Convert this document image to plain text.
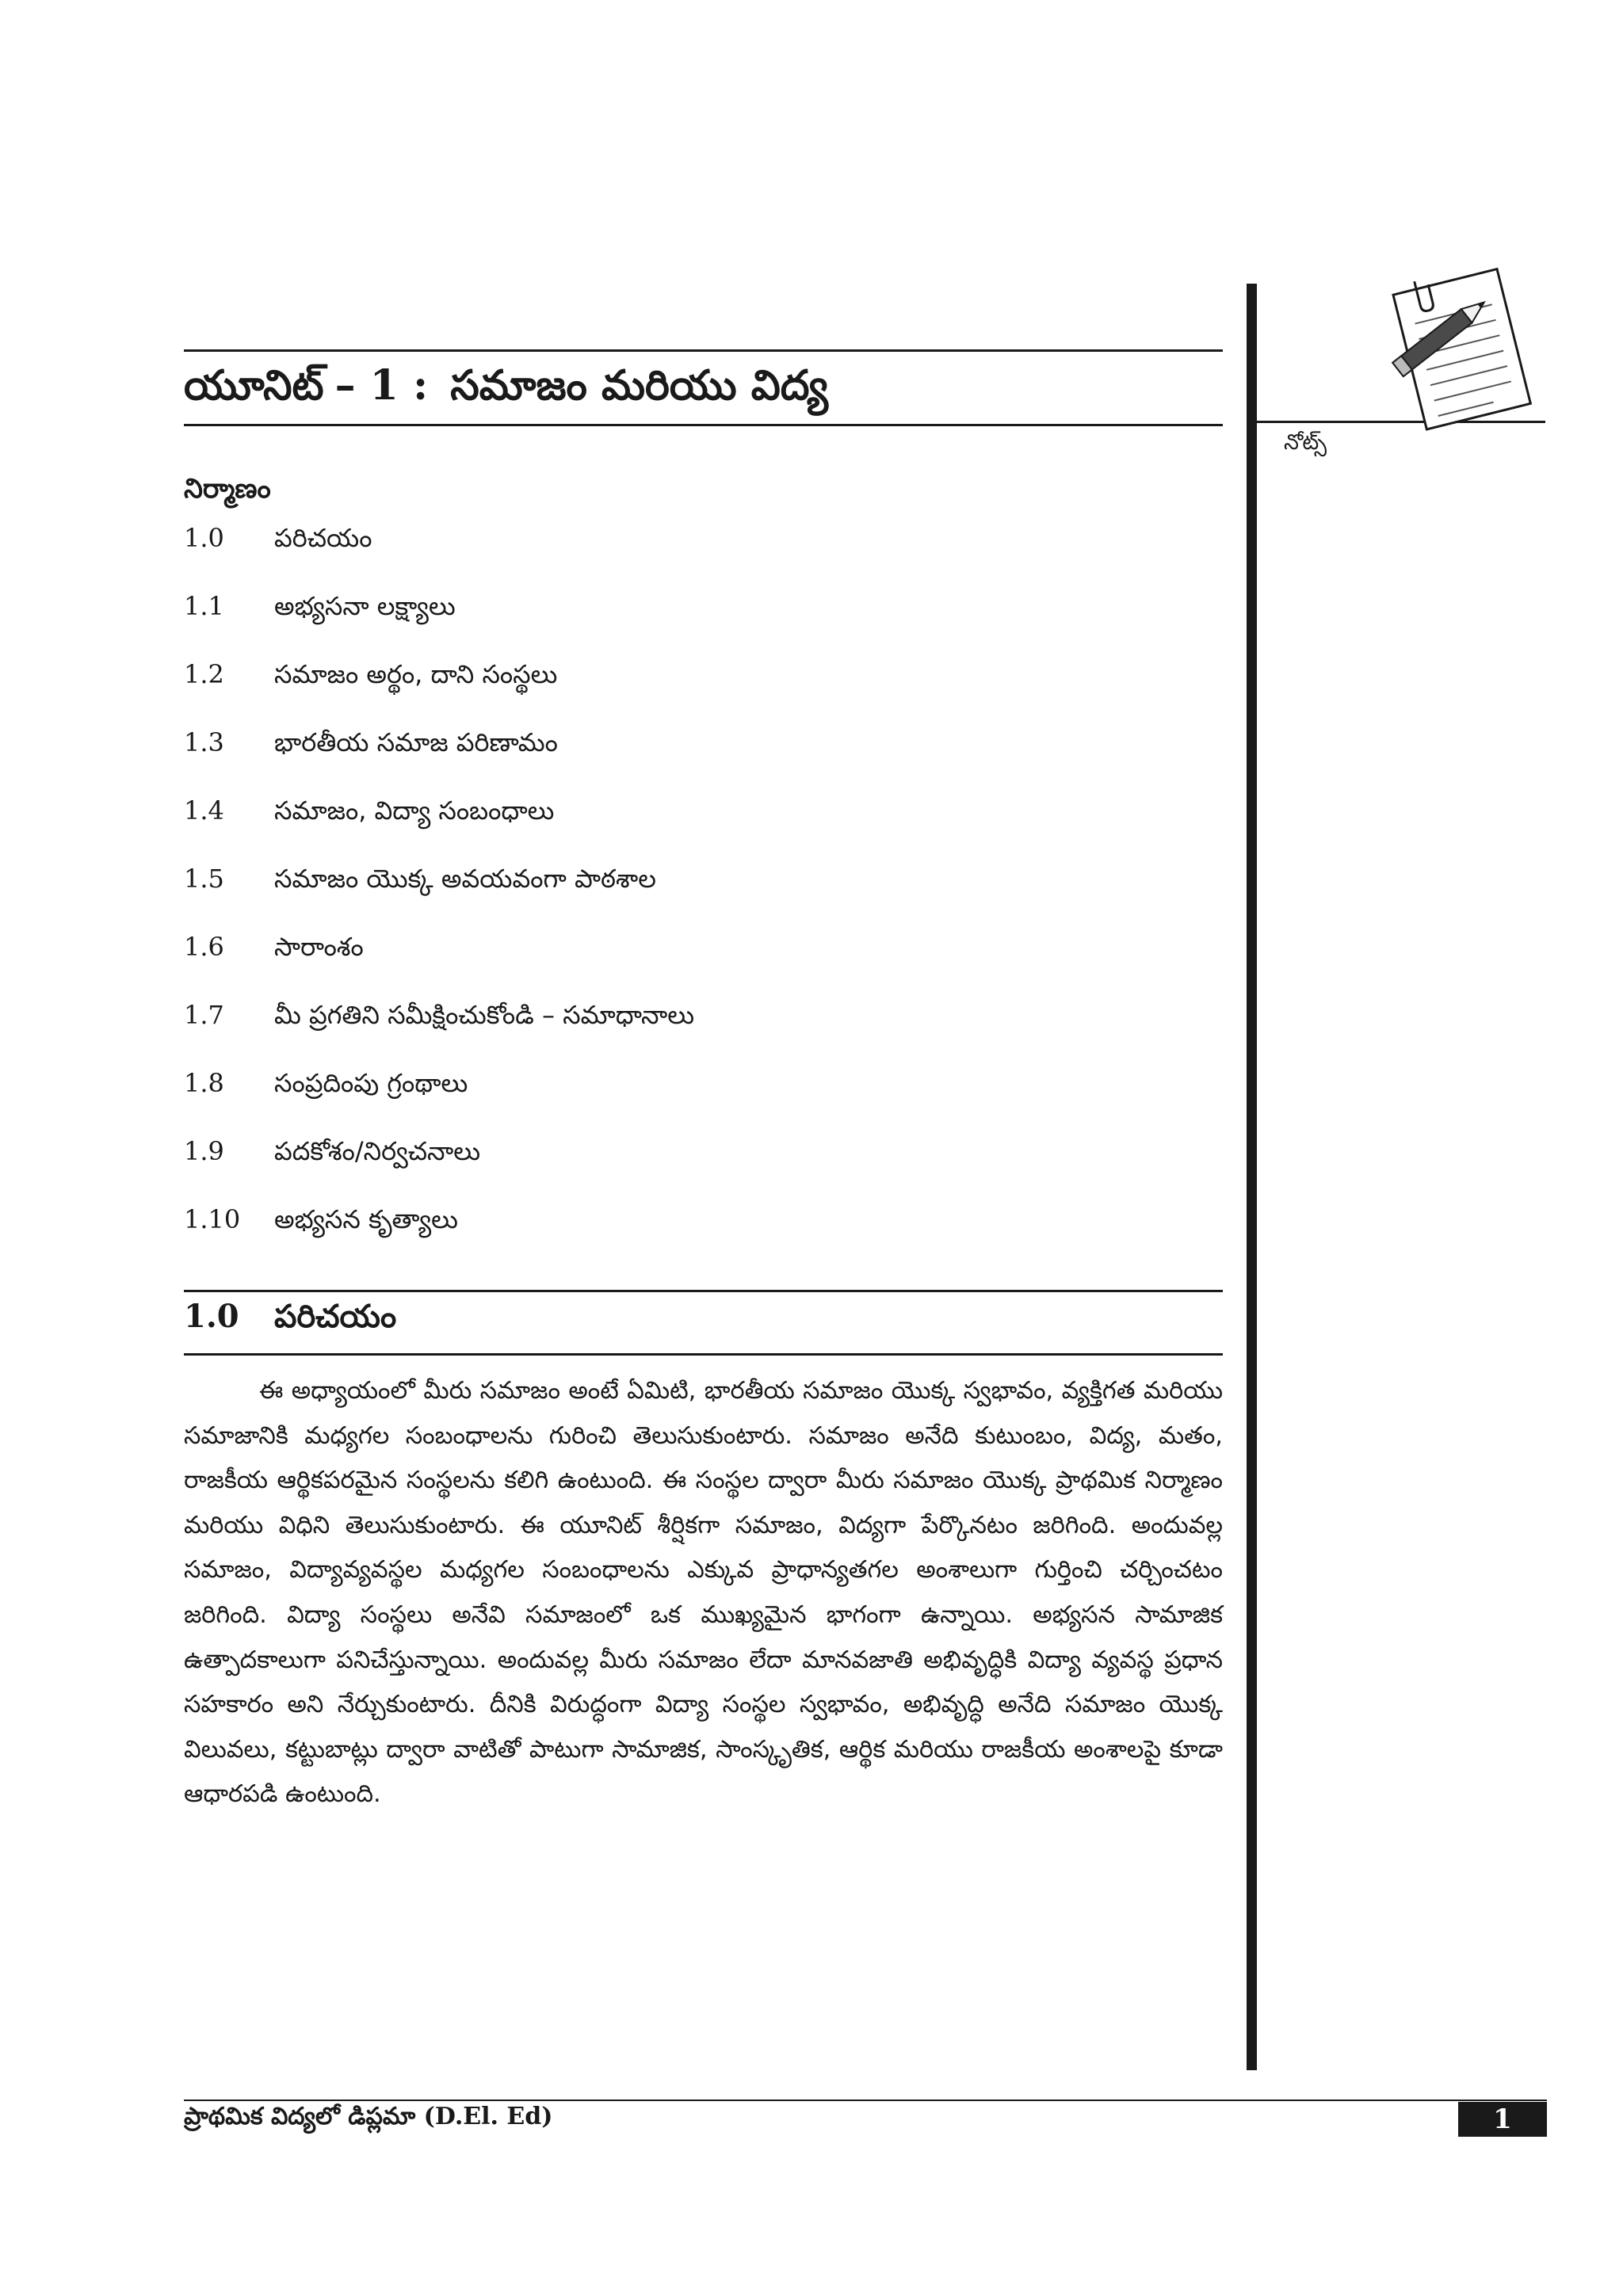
నోట్స్
యూనిట్ – 1 : సమాజం మరియు విద్య
నిర్మాణం
1.0	పరిచయం
1.1	అభ్యసనా లక్ష్యాలు
1.2	సమాజం అర్థం, దాని సంస్థలు
1.3	భారతీయ సమాజ పరిణామం
1.4	సమాజం, విద్యా సంబంధాలు
1.5	సమాజం యొక్క అవయవంగా పాఠశాల
1.6	సారాంశం
1.7	మీ ప్రగతిని సమీక్షించుకోండి – సమాధానాలు
1.8	సంప్రదింపు గ్రంథాలు
1.9	పదకోశం/నిర్వచనాలు
1.10	అభ్యసన కృత్యాలు
1.0 పరిచయం

ఈ అధ్యాయంలో మీరు సమాజం అంటే ఏమిటి, భారతీయ సమాజం యొక్క స్వభావం, వ్యక్తిగత మరియు సమాజానికి మధ్యగల సంబంధాలను గురించి తెలుసుకుంటారు. సమాజం అనేది కుటుంబం, విద్య, మతం, రాజకీయ ఆర్థికపరమైన సంస్థలను కలిగి ఉంటుంది. ఈ సంస్థల ద్వారా మీరు సమాజం యొక్క ప్రాథమిక నిర్మాణం మరియు విధిని తెలుసుకుంటారు. ఈ యూనిట్ శీర్షికగా సమాజం, విద్యగా పేర్కొనటం జరిగింది. అందువల్ల సమాజం, విద్యావ్యవస్థల మధ్యగల సంబంధాలను ఎక్కువ ప్రాధాన్యతగల అంశాలుగా గుర్తించి చర్చించటం జరిగింది. విద్యా సంస్థలు అనేవి సమాజంలో ఒక ముఖ్యమైన భాగంగా ఉన్నాయి. అభ్యసన సామాజిక ఉత్పాదకాలుగా పనిచేస్తున్నాయి. అందువల్ల మీరు సమాజం లేదా మానవజాతి అభివృద్ధికి విద్యా వ్యవస్థ ప్రధాన సహకారం అని నేర్చుకుంటారు. దీనికి విరుద్ధంగా విద్యా సంస్థల స్వభావం, అభివృద్ధి అనేది సమాజం యొక్క విలువలు, కట్టుబాట్లు ద్వారా వాటితో పాటుగా సామాజిక, సాంస్కృతిక, ఆర్థిక మరియు రాజకీయ అంశాలపై కూడా ఆధారపడి ఉంటుంది.

ప్రాథమిక విద్యలో డిప్లమా (D.El. Ed)	1
